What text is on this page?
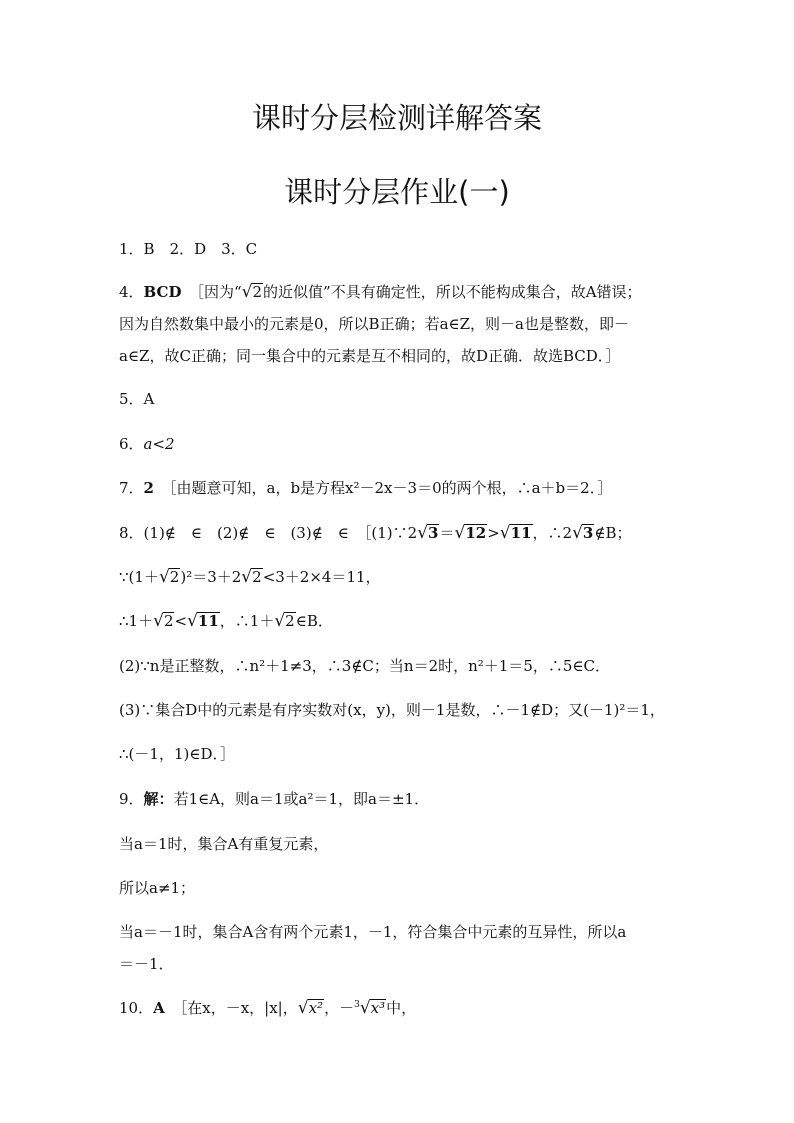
课时分层检测详解答案
课时分层作业(一)
1．B　2．D　3．C
4．BCD　 ［因为“√2的近似值”不具有确定性，所以不能构成集合，故A错误；
因为自然数集中最小的元素是0，所以B正确；若a∈Z，则－a也是整数，即－
a∈Z，故C正确；同一集合中的元素是互不相同的，故D正确．故选BCD．］
5．A
6．a<2
7．2　 ［由题意可知，a，b是方程x²－2x－3＝0的两个根，∴a＋b＝2．］
8．(1)∉　∈　(2)∉　∈　(3)∉　∈　［(1)∵2√3＝√12>√11，∴2√3∉B；
∵(1＋√2)²＝3＋2√2<3＋2×4＝11，
∴1＋√2<√11，∴1＋√2∈B．
(2)∵n是正整数，∴n²＋1≠3，∴3∉C；当n＝2时，n²＋1＝5，∴5∈C．
(3)∵集合D中的元素是有序实数对(x，y)，则－1是数，∴－1∉D；又(－1)²＝1，
∴(－1，1)∈D．］
9．解：若1∈A，则a＝1或a²＝1，即a＝±1．
当a＝1时，集合A有重复元素，
所以a≠1；
当a＝－1时，集合A含有两个元素1，－1，符合集合中元素的互异性，所以a
＝－1．
10．A　 ［在x，－x，|x|，√x²，－$^3$√x³中，
